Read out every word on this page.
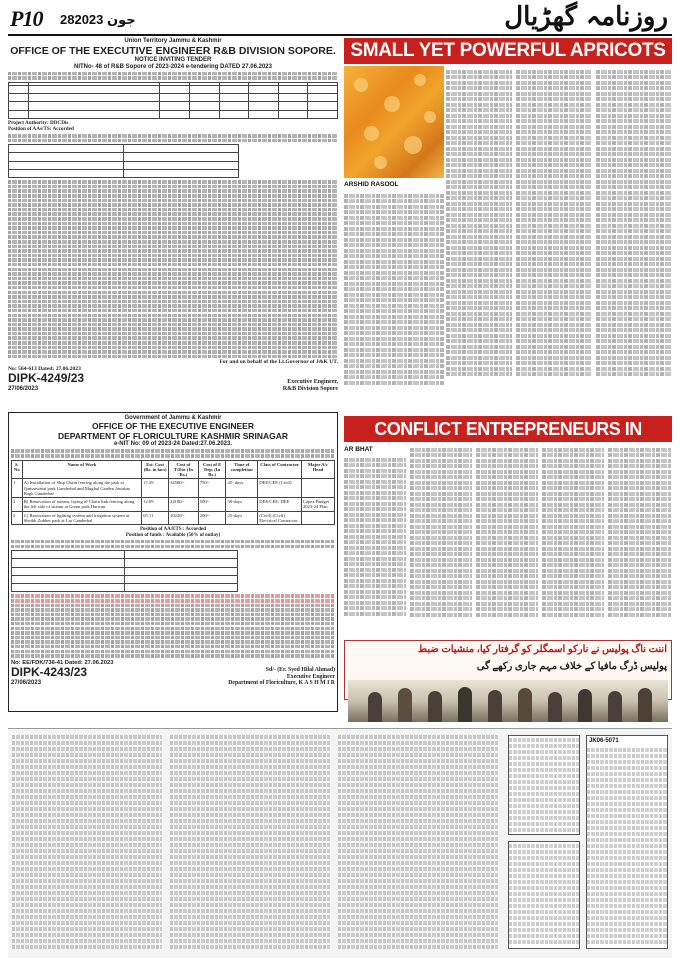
P10 28جون 2023	روزنامہ گھڑیال
Union Territory Jammu & Kashmir
OFFICE OF THE EXECUTIVE ENGINEER R&B DIVISION SOPORE.
NOTICE INVITING TENDER
NITNo- 48 of R&B Sopore of 2023-2024 e-tendering DATED 27.06.2023

Project Authority: DDCDis
Position of AAs/TS: Accorded

For and on behalf of the Lt.Governor of J&K UT.
No: 564-613 Dated: 27.06.2023
DIPK-4249/23
27/06/2023
Executive Engineer,
R&B Division Sopore
Government of Jammu & Kashmir
OFFICE OF THE EXECUTIVE ENGINEER
DEPARTMENT OF FLORICULTURE KASHMIR SRINAGAR
e-NIT No: 09 of 2023-24 Dated:27.06.2023.
S. No	Name of Work	Est. Cost (Rs. in lacs)	Cost of T/Doc (In Rs.)	Cost of E Dep. (In Rs.)	Time of completion	Class of Contractor	Major A/c Head
1	A) Installation of Ship Chain fencing along the park at Qamarwarai park Ganderbal and Mughal Garden Jawahar Bagh Ganderbal	17.29	34500/-	750/-	45- days	DEE/CEE (Civil)	
2	B) Renovation of stream, laying of Chain link fencing along the left side of stream at Green park Harwan.	12.09	24180/-	500/-	30-days	DEE/CEE/ DEE	Capex Budget 2023-24 Plan
3	C) Restoration of lighting system and irrigation system at Sheikh Zubber park at Lar Ganderbal.	05.11	10220/-	200/-	25-days	(Civil) (Civil) Electrical Contractor	
Position of AA/ETS : Accorded
Position of funds : Available (50% of outlay)

No: EE/FDK/736-41 Dated: 27.06.2023
DIPK-4243/23
27/06/2023
Sd/- (Er. Syed Hilal Ahmad)
Executive Engineer
Department of Floriculture, K A S H M I R
SMALL YET POWERFUL APRICOTS
ARSHID RASOOL
CONFLICT ENTREPRENEURS IN
AR BHAT
اننت ناگ پولیس نے نارکو اسمگلر کو گرفتار کیا، منشیات ضبط
پولیس ڈرگ مافیا کے خلاف مہم جاری رکھے گی
JK06-5071
